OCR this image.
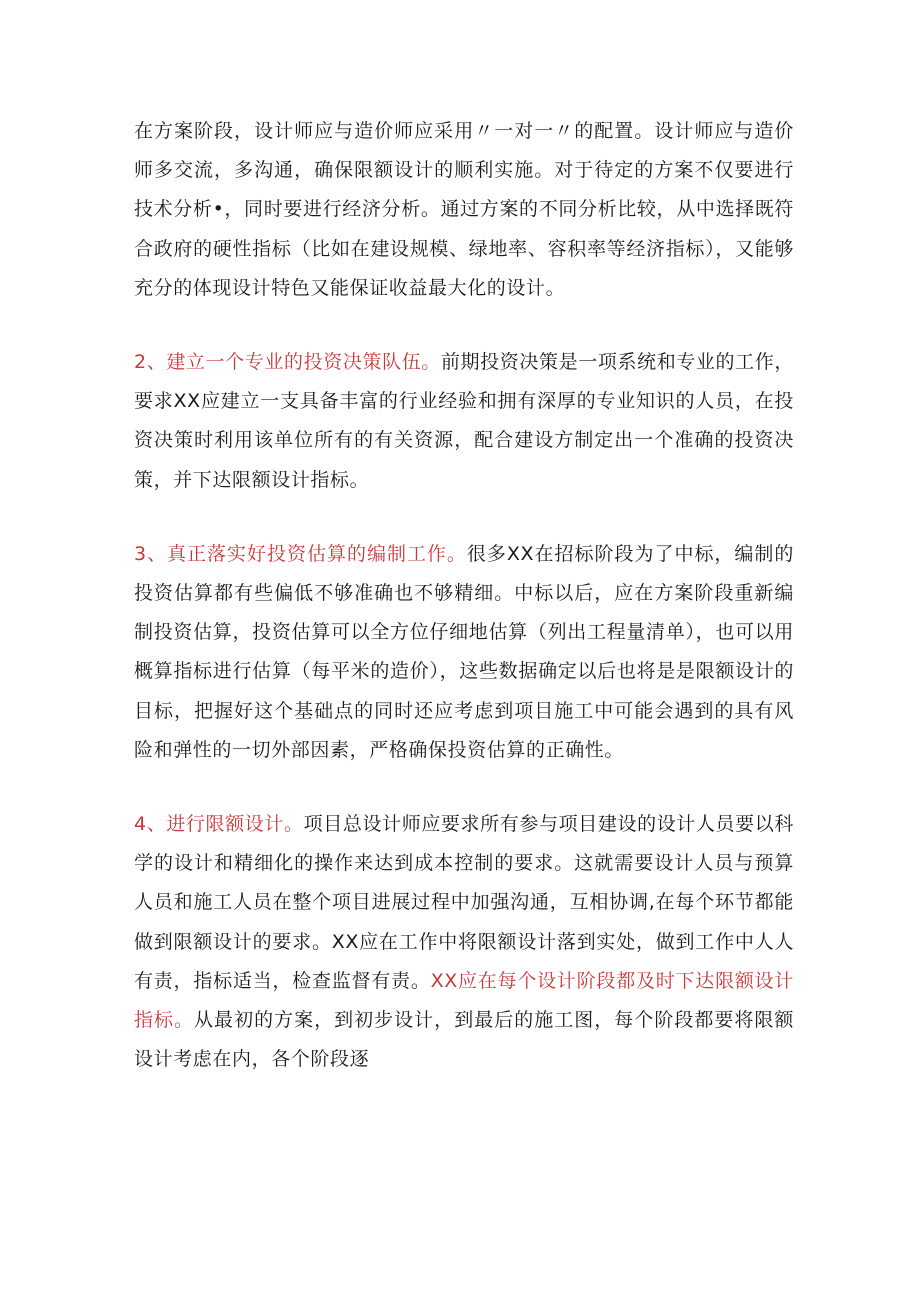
在方案阶段，设计师应与造价师应采用〃一对一〃的配置。设计师应与造价师多交流，多沟通，确保限额设计的顺利实施。对于待定的方案不仅要进行技术分析•，同时要进行经济分析。通过方案的不同分析比较，从中选择既符合政府的硬性指标（比如在建设规模、绿地率、容积率等经济指标），又能够充分的体现设计特色又能保证收益最大化的设计。

2、建立一个专业的投资决策队伍。前期投资决策是一项系统和专业的工作，要求XX应建立一支具备丰富的行业经验和拥有深厚的专业知识的人员，在投资决策时利用该单位所有的有关资源，配合建设方制定出一个准确的投资决策，并下达限额设计指标。

3、真正落实好投资估算的编制工作。很多XX在招标阶段为了中标，编制的投资估算都有些偏低不够准确也不够精细。中标以后，应在方案阶段重新编制投资估算，投资估算可以全方位仔细地估算（列出工程量清单），也可以用概算指标进行估算（每平米的造价），这些数据确定以后也将是是限额设计的目标，把握好这个基础点的同时还应考虑到项目施工中可能会遇到的具有风险和弹性的一切外部因素，严格确保投资估算的正确性。

4、进行限额设计。项目总设计师应要求所有参与项目建设的设计人员要以科学的设计和精细化的操作来达到成本控制的要求。这就需要设计人员与预算人员和施工人员在整个项目进展过程中加强沟通，互相协调,在每个环节都能做到限额设计的要求。XX应在工作中将限额设计落到实处，做到工作中人人有责，指标适当，检查监督有责。XX应在每个设计阶段都及时下达限额设计指标。从最初的方案，到初步设计，到最后的施工图，每个阶段都要将限额设计考虑在内，各个阶段逐
